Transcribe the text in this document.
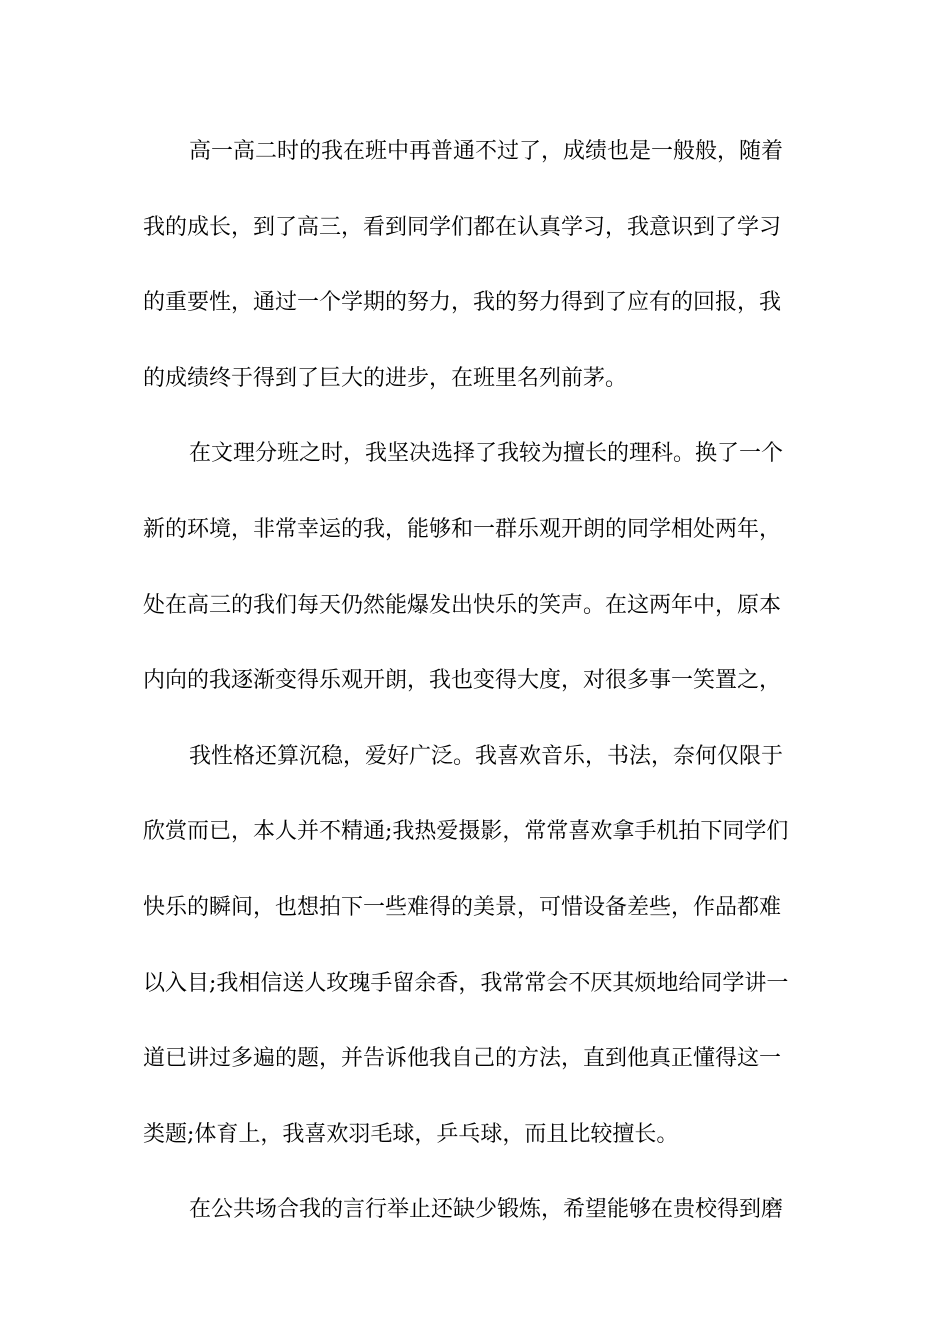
高一高二时的我在班中再普通不过了，成绩也是一般般，随着
我的成长，到了高三，看到同学们都在认真学习，我意识到了学习
的重要性，通过一个学期的努力，我的努力得到了应有的回报，我
的成绩终于得到了巨大的进步，在班里名列前茅。
在文理分班之时，我坚决选择了我较为擅长的理科。换了一个
新的环境，非常幸运的我，能够和一群乐观开朗的同学相处两年，
处在高三的我们每天仍然能爆发出快乐的笑声。在这两年中，原本
内向的我逐渐变得乐观开朗，我也变得大度，对很多事一笑置之，
我性格还算沉稳，爱好广泛。我喜欢音乐，书法，奈何仅限于
欣赏而已，本人并不精通;我热爱摄影，常常喜欢拿手机拍下同学们
快乐的瞬间，也想拍下一些难得的美景，可惜设备差些，作品都难
以入目;我相信送人玫瑰手留余香，我常常会不厌其烦地给同学讲一
道已讲过多遍的题，并告诉他我自己的方法，直到他真正懂得这一
类题;体育上，我喜欢羽毛球，乒乓球，而且比较擅长。
在公共场合我的言行举止还缺少锻炼，希望能够在贵校得到磨
